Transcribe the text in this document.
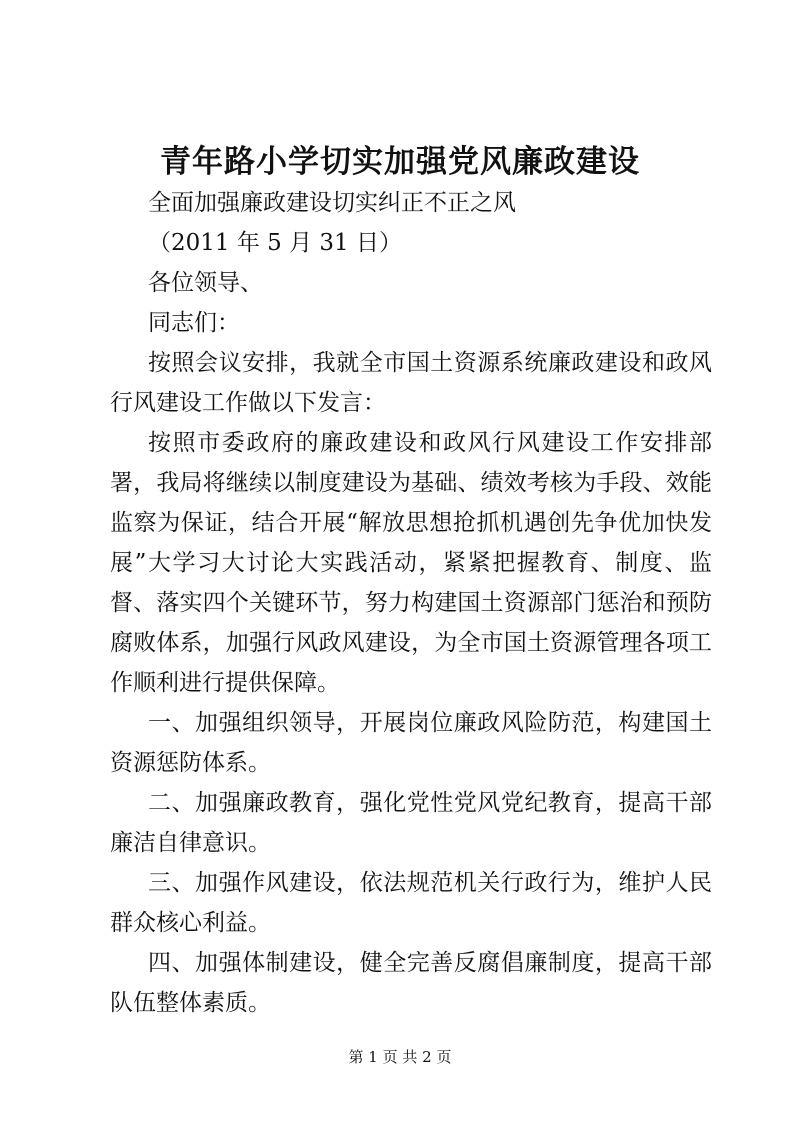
青年路小学切实加强党风廉政建设
全面加强廉政建设切实纠正不正之风
（2011 年 5 月 31 日）
各位领导、
同志们：
按照会议安排，我就全市国土资源系统廉政建设和政风行风建设工作做以下发言：
按照市委政府的廉政建设和政风行风建设工作安排部署，我局将继续以制度建设为基础、绩效考核为手段、效能监察为保证，结合开展“解放思想抢抓机遇创先争优加快发展”大学习大讨论大实践活动，紧紧把握教育、制度、监督、落实四个关键环节，努力构建国土资源部门惩治和预防腐败体系，加强行风政风建设，为全市国土资源管理各项工作顺利进行提供保障。
一、加强组织领导，开展岗位廉政风险防范，构建国土资源惩防体系。
二、加强廉政教育，强化党性党风党纪教育，提高干部廉洁自律意识。
三、加强作风建设，依法规范机关行政行为，维护人民群众核心利益。
四、加强体制建设，健全完善反腐倡廉制度，提高干部队伍整体素质。
第 1 页 共 2 页
